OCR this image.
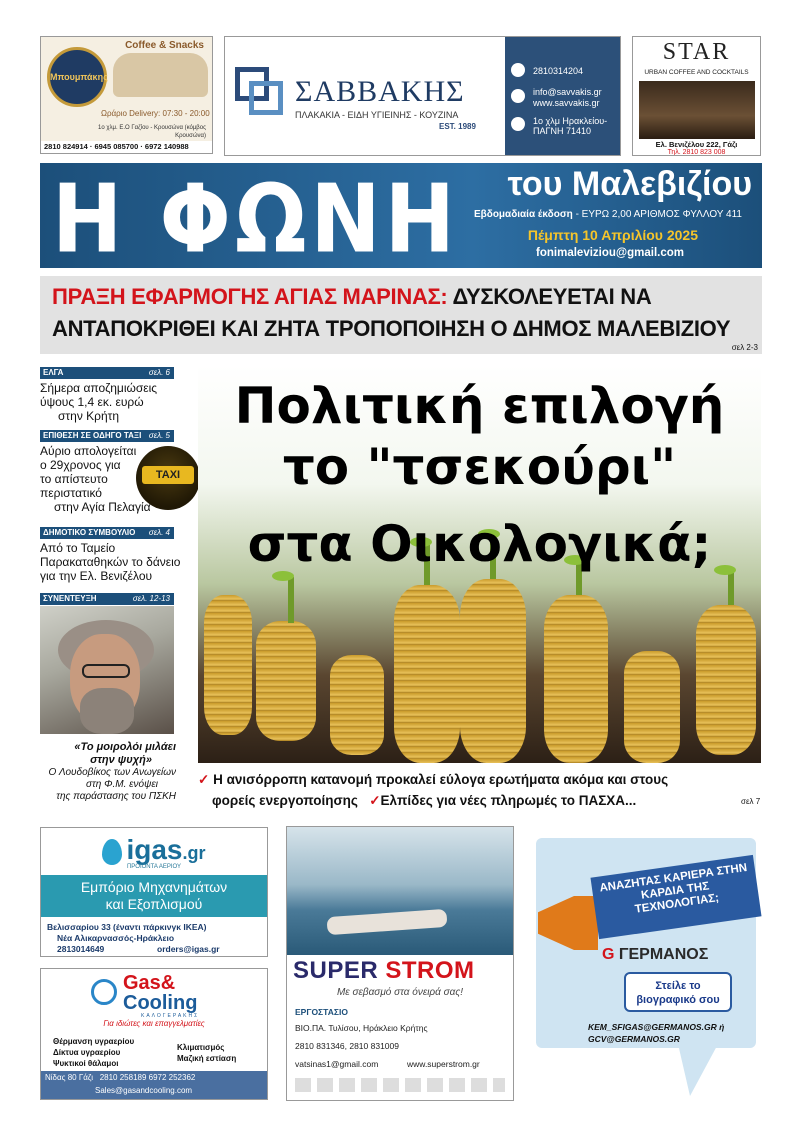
Coffee & Snacks
Μπουμπάκης
Ωράριο Delivery: 07:30 - 20:00
1ο χλμ. Ε.Ο Γαζίου - Κρουσώνα (κόμβος Κρουσώνα)
2810 824914 · 6945 085700 · 6972 140988
ΣΑΒΒΑΚΗΣ
ΠΛΑΚΑΚΙΑ - ΕΙΔΗ ΥΓΙΕΙΝΗΣ - ΚΟΥΖΙΝΑ
EST. 1989
2810314204
info@savvakis.gr
www.savvakis.gr
1ο χλμ Ηρακλείου-ΠΑΓΝΗ 71410
STAR
URBAN COFFEE AND COCKTAILS
Ελ. Βενιζέλου 222, Γάζι
Τηλ. 2810 823 008
Η ΦΩΝΗ του Μαλεβιζίου
Εβδομαδιαία έκδοση - ΕΥΡΩ 2,00 ΑΡΙΘΜΟΣ ΦΥΛΛΟΥ 411
Πέμπτη 10 Απριλίου 2025
fonimaleviziou@gmail.com
ΠΡΑΞΗ ΕΦΑΡΜΟΓΗΣ ΑΓΙΑΣ ΜΑΡΙΝΑΣ: ΔΥΣΚΟΛΕΥΕΤΑΙ ΝΑ
ΑΝΤΑΠΟΚΡΙΘΕΙ ΚΑΙ ΖΗΤΑ ΤΡΟΠΟΠΟΙΗΣΗ Ο ΔΗΜΟΣ ΜΑΛΕΒΙΖΙΟΥ
σελ 2-3
ΕΛΓΑ	σελ. 6
Σήμερα αποζημιώσεις
ύψους 1,4 εκ. ευρώ
στην Κρήτη
ΕΠΙΘΕΣΗ ΣΕ ΟΔΗΓΟ ΤΑΞΙ σελ. 5
Αύριο απολογείται
ο 29χρονος για
το απίστευτο
περιστατικό
στην Αγία Πελαγία
TAXI
ΔΗΜΟΤΙΚΟ ΣΥΜΒΟΥΛΙΟ σελ. 4
Από το Ταμείο
Παρακαταθηκών το δάνειο
για την Ελ. Βενιζέλου
ΣΥΝΕΝΤΕΥΞΗ	σελ. 12-13
«Το μοιρολόι μιλάει
στην ψυχή»
Ο Λουδοβίκος των Ανωγείων
στη Φ.Μ. ενόψει
της παράστασης του ΠΣΚΗ
Πολιτική επιλογή
το "τσεκούρι"
στα Οικολογικά;
✓ Η ανισόρροπη κατανομή προκαλεί εύλογα ερωτήματα ακόμα και στους
φορείς ενεργοποίησης ✓Ελπίδες για νέες πληρωμές το ΠΑΣΧΑ...	σελ 7
igas.gr
ΠΡΟΙΟΝΤΑ ΑΕΡΙΟΥ
Εμπόριο Μηχανημάτων
και Εξοπλισμού
Βελισσαρίου 33 (έναντι πάρκινγκ ΙΚΕΑ)
Νέα Αλικαρνασσός-Ηράκλειο
2813014649	orders@igas.gr
Gas&
Cooling
ΚΑΛΟΓΕΡΑΚΗΣ
Για ιδιώτες και επαγγελματίες
Θέρμανση υγραερίου
Δίκτυα υγραερίου
Ψυκτικοί θάλαμοι
Κλιματισμός
Μαζική εστίαση
Νίδας 80 Γάζι 2810 258189 6972 252362
Sales@gasandcooling.com
SUPER STROM
Με σεβασμό στα όνειρά σας!
ΕΡΓΟΣΤΑΣΙΟ
ΒΙΟ.ΠΑ. Τυλίσου, Ηράκλειο Κρήτης
2810 831346, 2810 831009
vatsinas1@gmail.com	www.superstrom.gr
ΑΝΑΖΗΤΑΣ ΚΑΡΙΕΡΑ ΣΤΗΝ ΚΑΡΔΙΑ ΤΗΣ ΤΕΧΝΟΛΟΓΙΑΣ;
G ΓΕΡΜΑΝΟΣ
Στείλε το
βιογραφικό σου
KEM_SFIGAS@GERMANOS.GR ή
GCV@GERMANOS.GR
